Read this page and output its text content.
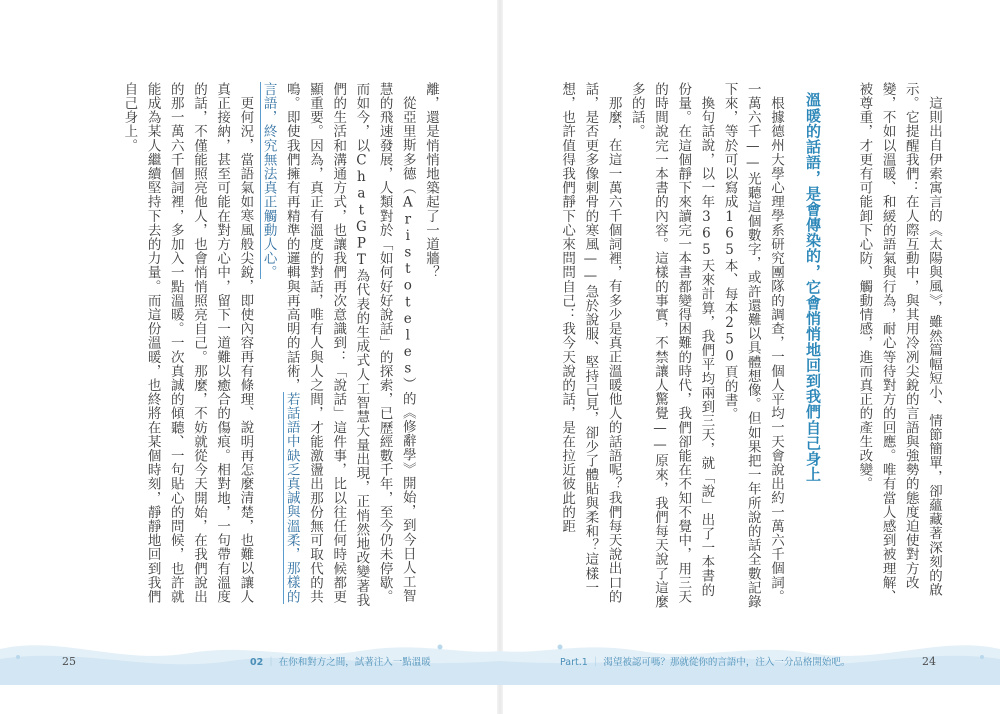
離，還是悄悄地築起了一道牆？

從亞里斯多德（Aristoteles）的《修辭學》開始，到今日人工智慧的飛速發展，人類對於「如何好好說話」的探索，已歷經數千年，至今仍未停歇。而如今，以ChatGPT為代表的生成式人工智慧大量出現，正悄然地改變著我們的生活和溝通方式，也讓我們再次意識到：「說話」這件事，比以往任何時候都更顯重要。因為，真正有溫度的對話，唯有人與人之間，才能激盪出那份無可取代的共鳴。即使我們擁有再精準的邏輯與再高明的話術，若話語中缺乏真誠與溫柔，那樣的言語，終究無法真正觸動人心。

更何況，當語氣如寒風般尖銳，即使內容再有條理、說明再怎麼清楚，也難以讓人真正接納，甚至可能在對方心中，留下一道難以癒合的傷痕。相對地，一句帶有溫度的話，不僅能照亮他人，也會悄悄照亮自己。那麼，不妨就從今天開始，在我們說出的那一萬六千個詞裡，多加入一點溫暖。一次真誠的傾聽、一句貼心的問候，也許就能成為某人繼續堅持下去的力量。而這份溫暖，也終將在某個時刻，靜靜地回到我們自己身上。	這則出自伊索寓言的《太陽與風》，雖然篇幅短小、情節簡單，卻蘊藏著深刻的啟示。它提醒我們：在人際互動中，與其用冷冽尖銳的言語與強勢的態度迫使對方改變，不如以溫暖、和緩的語氣與行為，耐心等待對方的回應。唯有當人感到被理解、被尊重，才更有可能卸下心防、觸動情感，進而真正的產生改變。

溫暖的話語，是會傳染的，它會悄悄地回到我們自己身上

根據德州大學心理學系研究團隊的調查，一個人平均一天會說出約一萬六千個詞。一萬六千——光聽這個數字，或許還難以具體想像。但如果把一年所說的話全數記錄下來，等於可以寫成165本、每本250頁的書。

換句話說，以一年365天來計算，我們平均兩到三天，就「說」出了一本書的份量。在這個靜下來讀完一本書都變得困難的時代，我們卻能在不知不覺中，用三天的時間說完一本書的內容。這樣的事實，不禁讓人驚覺——原來，我們每天說了這麼多的話。

那麼，在這一萬六千個詞裡，有多少是真正溫暖他人的話語呢？我們每天說出口的話，是否更多像刺骨的寒風——急於說服、堅持己見，卻少了體貼與柔和？這樣一想，也許值得我們靜下心來問問自己：我今天說的話，是在拉近彼此的距

25	02 ｜ 在你和對方之間，試著注入一點溫暖	Part.1 ｜ 渴望被認可嗎？那就從你的言語中，注入一分品格開始吧。	24
